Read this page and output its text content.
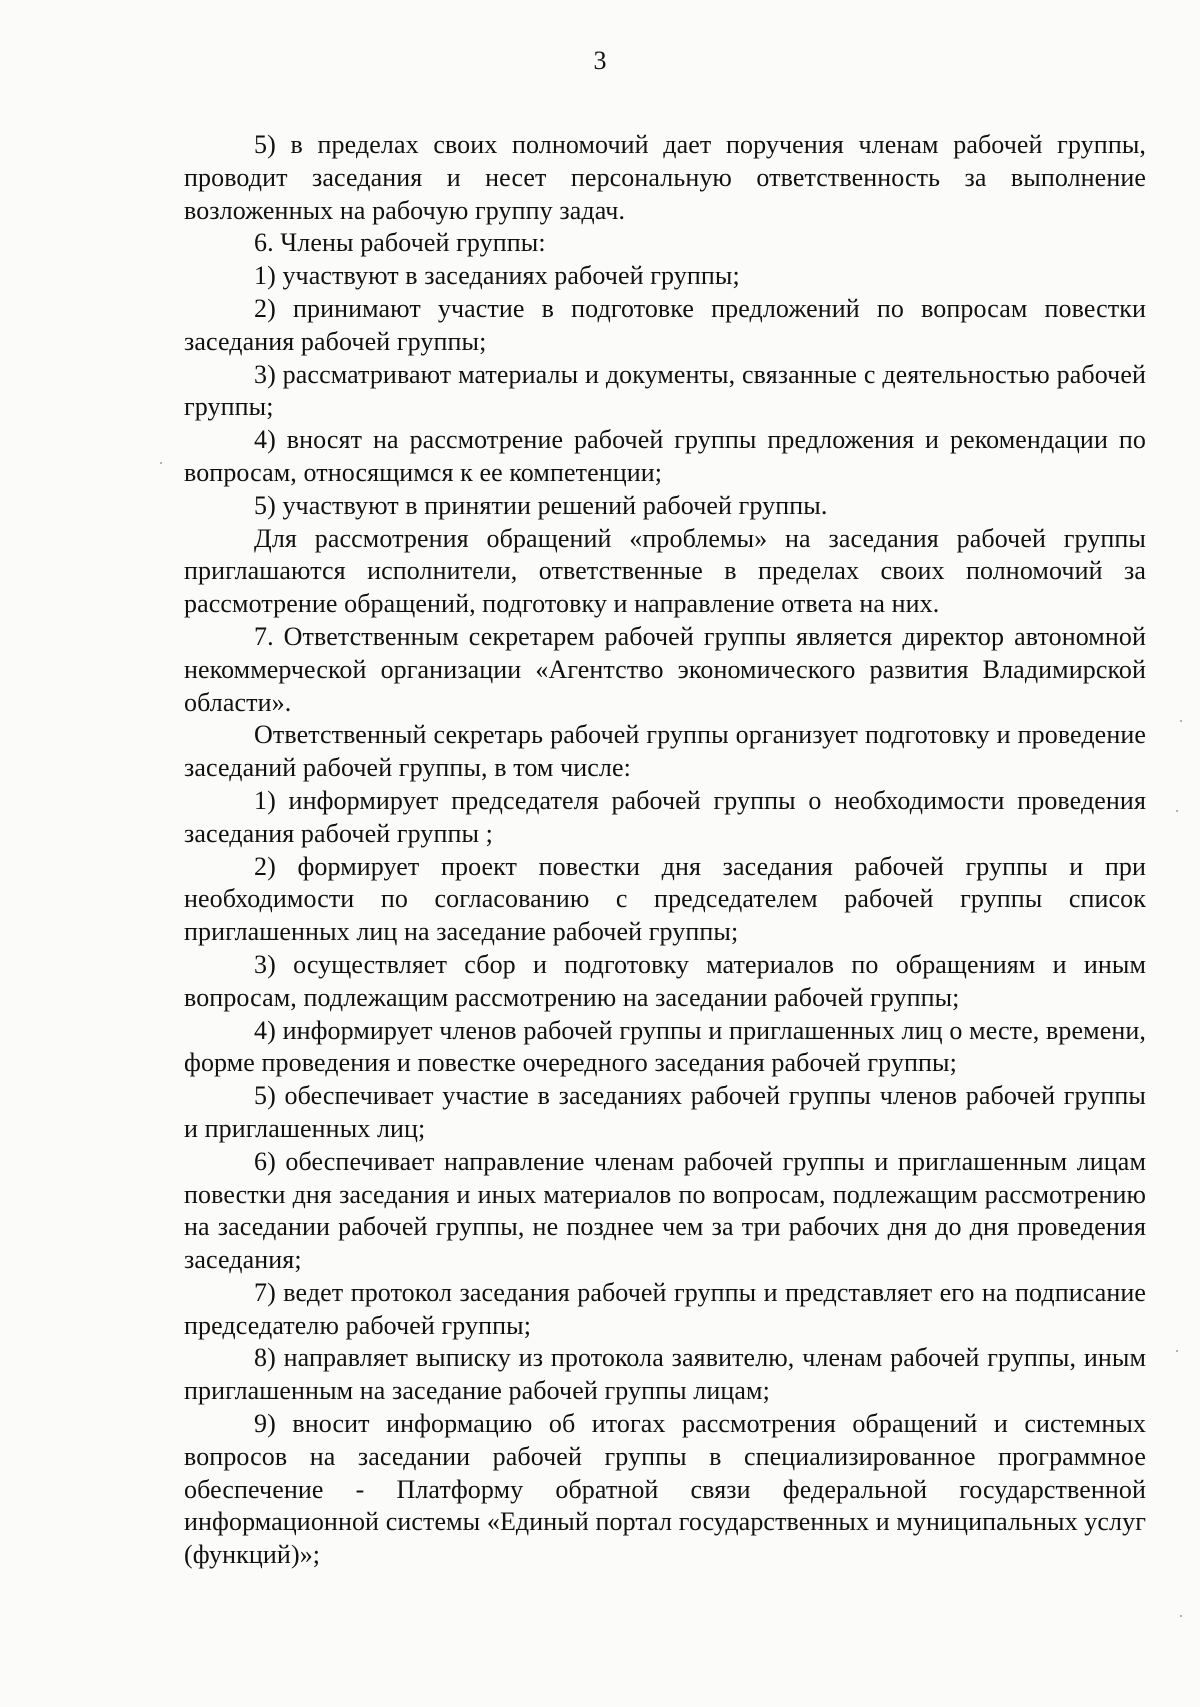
3

5) в пределах своих полномочий дает поручения членам рабочей группы, проводит заседания и несет персональную ответственность за выполнение возложенных на рабочую группу задач.

6. Члены рабочей группы:

1) участвуют в заседаниях рабочей группы;

2) принимают участие в подготовке предложений по вопросам повестки заседания рабочей группы;

3) рассматривают материалы и документы, связанные с деятельностью рабочей группы;

4) вносят на рассмотрение рабочей группы предложения и рекомендации по вопросам, относящимся к ее компетенции;

5) участвуют в принятии решений рабочей группы.

Для рассмотрения обращений «проблемы» на заседания рабочей группы приглашаются исполнители, ответственные в пределах своих полномочий за рассмотрение обращений, подготовку и направление ответа на них.

7. Ответственным секретарем рабочей группы является директор автономной некоммерческой организации «Агентство экономического развития Владимирской области».

Ответственный секретарь рабочей группы организует подготовку и проведение заседаний рабочей группы, в том числе:

1) информирует председателя рабочей группы о необходимости проведения заседания рабочей группы ;

2) формирует проект повестки дня заседания рабочей группы и при необходимости по согласованию с председателем рабочей группы список приглашенных лиц на заседание рабочей группы;

3) осуществляет сбор и подготовку материалов по обращениям и иным вопросам, подлежащим рассмотрению на заседании рабочей группы;

4) информирует членов рабочей группы и приглашенных лиц о месте, времени, форме проведения и повестке очередного заседания рабочей группы;

5) обеспечивает участие в заседаниях рабочей группы членов рабочей группы и приглашенных лиц;

6) обеспечивает направление членам рабочей группы и приглашенным лицам повестки дня заседания и иных материалов по вопросам, подлежащим рассмотрению на заседании рабочей группы, не позднее чем за три рабочих дня до дня проведения заседания;

7) ведет протокол заседания рабочей группы и представляет его на подписание председателю рабочей группы;

8) направляет выписку из протокола заявителю, членам рабочей группы, иным приглашенным на заседание рабочей группы лицам;

9) вносит информацию об итогах рассмотрения обращений и системных вопросов на заседании рабочей группы в специализированное программное обеспечение - Платформу обратной связи федеральной государственной информационной системы «Единый портал государственных и муниципальных услуг (функций)»;
